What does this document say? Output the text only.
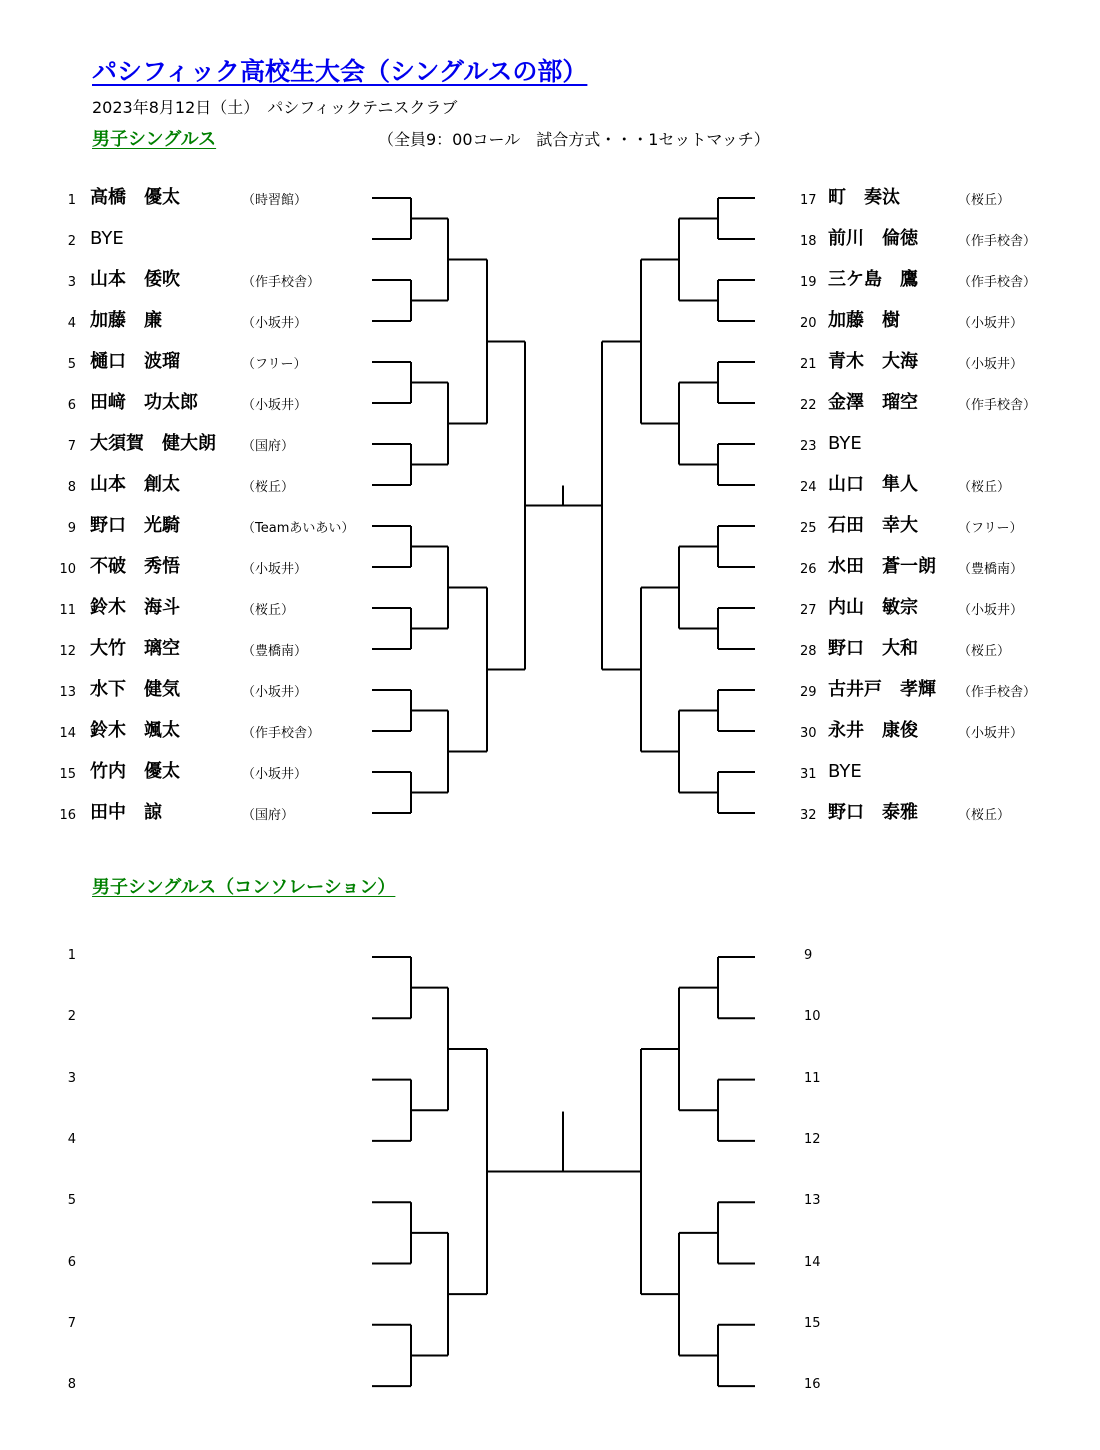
パシフィック高校生大会（シングルスの部）
2023年8月12日（土）　パシフィックテニスクラブ
男子シングルス	（全員9：00コール　試合方式・・・1セットマッチ）
男子シングルス（コンソレーション）
1 高橋　優太	（時習館）
2 BYE
3 山本　倭吹	（作手校舎）
4 加藤　廉	（小坂井）
5 樋口　波瑠	（フリー）
6 田﨑　功太郎	（小坂井）
7 大須賀　健大朗 （国府）
8 山本　創太	（桜丘）
9 野口　光騎	（Teamあいあい）
10 不破　秀悟	（小坂井）
11 鈴木　海斗	（桜丘）
12 大竹　璃空	（豊橋南）
13 水下　健気	（小坂井）
14 鈴木　颯太	（作手校舎）
15 竹内　優太	（小坂井）
16 田中　諒	（国府）
17 町　奏汰	（桜丘）
18 前川　倫徳	（作手校舎）
19 三ケ島　鷹	（作手校舎）
20 加藤　樹	（小坂井）
21 青木　大海	（小坂井）
22 金澤　瑠空	（作手校舎）
23 BYE
24 山口　隼人	（桜丘）
25 石田　幸大	（フリー）
26 水田　蒼一朗 （豊橋南）
27 内山　敏宗	（小坂井）
28 野口　大和	（桜丘）
29 古井戸　孝輝 （作手校舎）
30 永井　康俊	（小坂井）
31 BYE
32 野口　泰雅	（桜丘）
1
2
3
4
5
6
7
8
9
10
11
12
13
14
15
16
